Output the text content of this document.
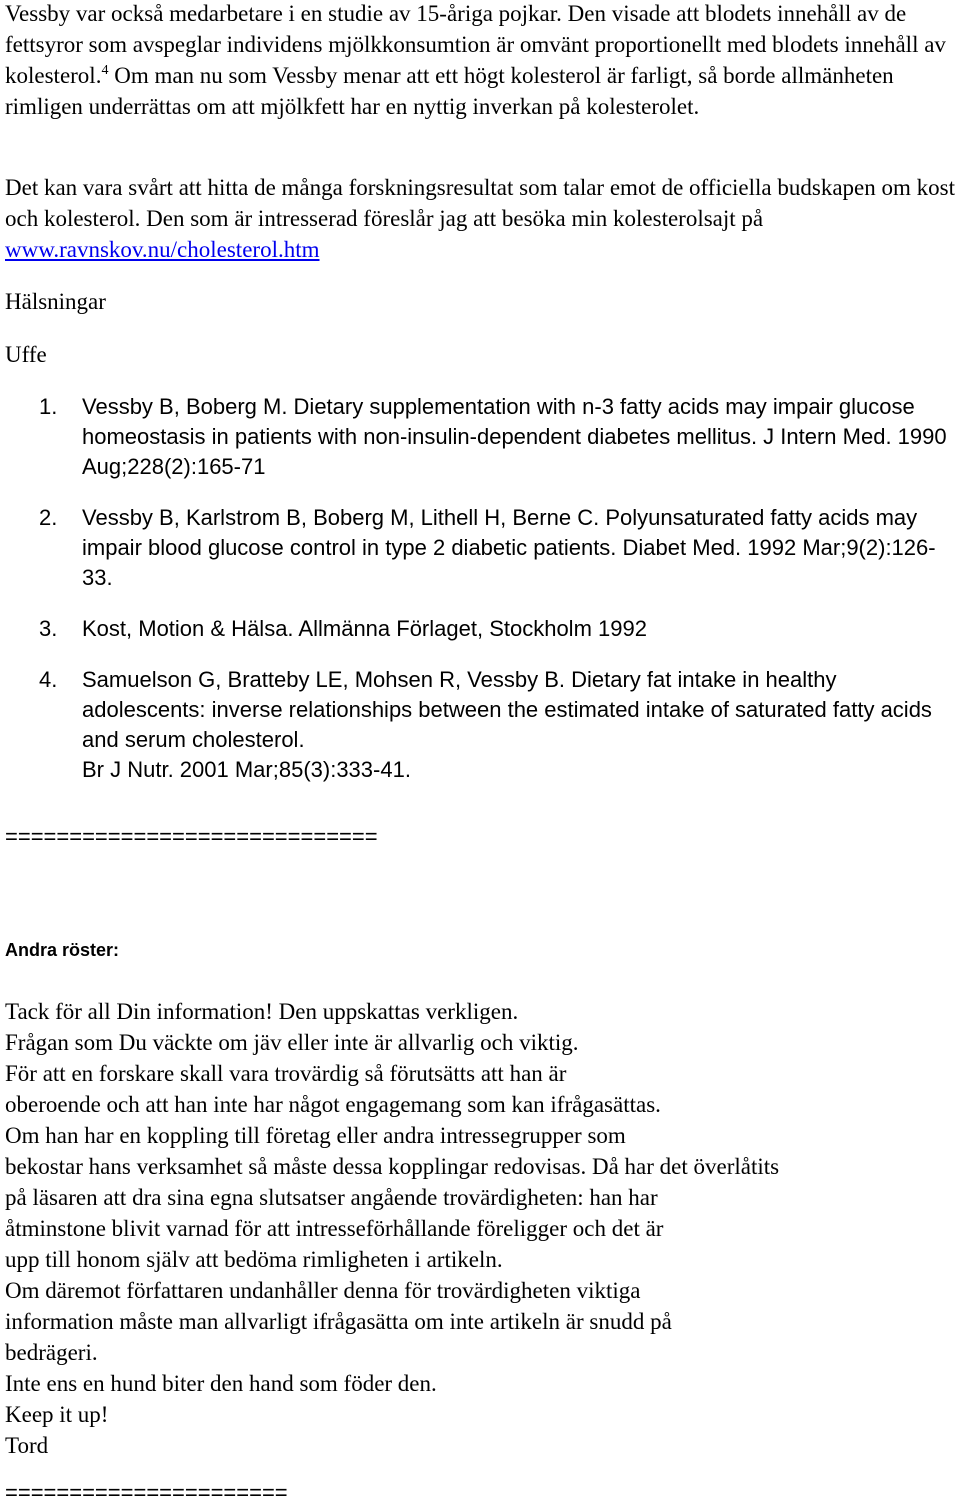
Vessby var också medarbetare i en studie av 15-åriga pojkar. Den visade att blodets innehåll av de fettsyror som avspeglar individens mjölkkonsumtion är omvänt proportionellt med blodets innehåll av kolesterol.$^4$ Om man nu som Vessby menar att ett högt kolesterol är farligt, så borde allmänheten rimligen underrättas om att mjölkfett har en nyttig inverkan på kolesterolet.
Det kan vara svårt att hitta de många forskningsresultat som talar emot de officiella budskapen om kost och kolesterol. Den som är intresserad föreslår jag att besöka min kolesterolsajt på www.ravnskov.nu/cholesterol.htm
Hälsningar
Uffe
1. Vessby B, Boberg M. Dietary supplementation with n-3 fatty acids may impair glucose homeostasis in patients with non-insulin-dependent diabetes mellitus. J Intern Med. 1990 Aug;228(2):165-71
2. Vessby B, Karlstrom B, Boberg M, Lithell H, Berne C. Polyunsaturated fatty acids may impair blood glucose control in type 2 diabetic patients. Diabet Med. 1992 Mar;9(2):126-33.
3. Kost, Motion & Hälsa. Allmänna Förlaget, Stockholm 1992
4. Samuelson G, Bratteby LE, Mohsen R, Vessby B. Dietary fat intake in healthy adolescents: inverse relationships between the estimated intake of saturated fatty acids and serum cholesterol.
Br J Nutr. 2001 Mar;85(3):333-41.
=============================
Andra röster:
Tack för all Din information! Den uppskattas verkligen.
Frågan som Du väckte om jäv eller inte är allvarlig och viktig.
För att en forskare skall vara trovärdig så förutsätts att han är
oberoende och att han inte har något engagemang som kan ifrågasättas.
Om han har en koppling till företag eller andra intressegrupper som
bekostar hans verksamhet så måste dessa kopplingar redovisas. Då har det överlåtits
på läsaren att dra sina egna slutsatser angående trovärdigheten: han har
åtminstone blivit varnad för att intresseförhållande föreligger och det är
upp till honom själv att bedöma rimligheten i artikeln.
Om däremot författaren undanhåller denna för trovärdigheten viktiga
information måste man allvarligt ifrågasätta om inte artikeln är snudd på
bedrägeri.
Inte ens en hund biter den hand som föder den.
Keep it up!
Tord
======================
